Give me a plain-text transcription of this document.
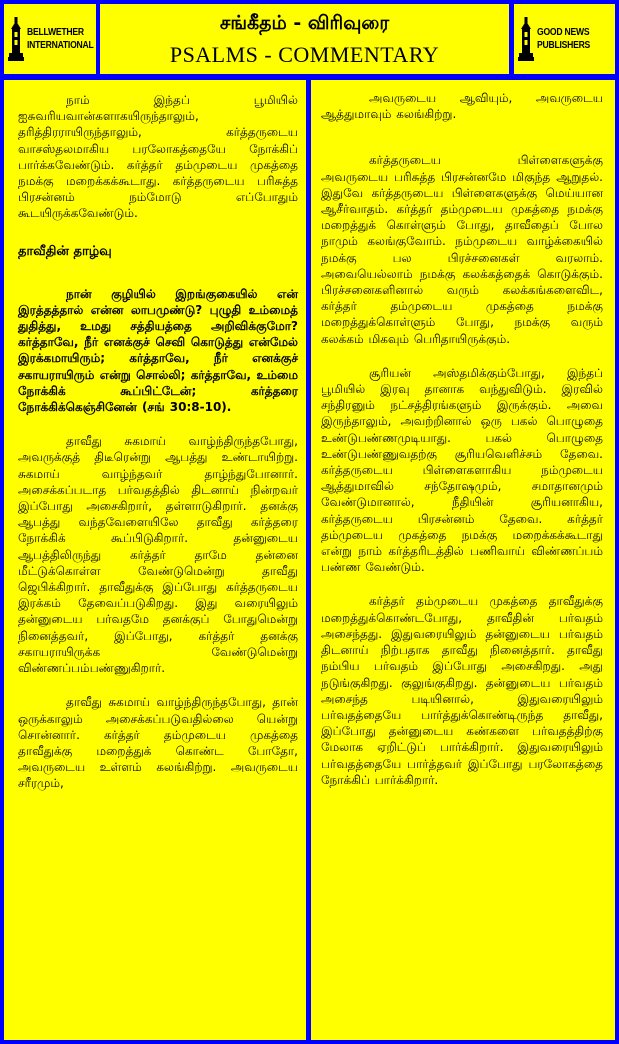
BELLWETHER
INTERNATIONAL
சங்கீதம் - விரிவுரை
PSALMS - COMMENTARY
GOOD NEWS
PUBLISHERS

நாம் இந்தப் பூமியில் ஐசுவரியவான்களாகயிருந்தாலும், தரித்திரராயிருந்தாலும், கர்த்தருடைய வாசஸ்தலமாகிய பரலோகத்தையே நோக்கிப் பார்க்கவேண்டும். கர்த்தர் தம்முடைய முகத்தை நமக்கு மறைக்கக்கூடாது. கர்த்தருடைய பரிசுத்த பிரசன்னம் நம்மோடு எப்போதும் கூடயிருக்கவேண்டும்.

தாவீதின் தாழ்வு

நான் குழியில் இறங்குகையில் என் இரத்தத்தால் என்ன லாபமுண்டு? புழுதி உம்மைத் துதித்து, உமது சத்தியத்தை அறிவிக்குமோ? கர்த்தாவே, நீர் எனக்குச் செவி கொடுத்து என்மேல் இரக்கமாயிரும்; கர்த்தாவே, நீர் எனக்குச் சகாயராயிரும் என்று சொல்லி; கர்த்தாவே, உம்மை நோக்கிக் கூப்பிட்டேன்; கர்த்தரை நோக்கிக்கெஞ்சினேன் (சங் 30:8-10).

தாவீது சுகமாய் வாழ்ந்திருந்தபோது, அவருக்குத் திடீரென்று ஆபத்து உண்டாயிற்று. சுகமாய் வாழ்ந்தவர் தாழ்ந்துபோனார். அசைக்கப்படாத பர்வதத்தில் திடனாய் நின்றவர் இப்போது அசைகிறார், தள்ளாடுகிறார். தனக்கு ஆபத்து வந்தவேளையிலே தாவீது கர்த்தரை நோக்கிக் கூப்பிடுகிறார். தன்னுடைய ஆபத்திலிருந்து கர்த்தர் தாமே தன்னை மீட்டுக்கொள்ள வேண்டுமென்று தாவீது ஜெபிக்கிறார். தாவீதுக்கு இப்போது கர்த்தருடைய இரக்கம் தேவைப்படுகிறது. இது வரையிலும் தன்னுடைய பர்வதமே தனக்குப் போதுமென்று நினைத்தவர், இப்போது, கர்த்தர் தனக்கு சகாயராயிருக்க வேண்டுமென்று விண்ணப்பம்பண்ணுகிறார்.

தாவீது சுகமாய் வாழ்ந்திருந்தபோது, தான் ஒருக்காலும் அசைக்கப்படுவதில்லை யென்று சொன்னார். கர்த்தர் தம்முடைய முகத்தை தாவீதுக்கு மறைத்துக் கொண்ட போதோ, அவருடைய உள்ளம் கலங்கிற்று. அவருடைய சரீரமும்,

அவருடைய ஆவியும், அவருடைய ஆத்துமாவும் கலங்கிற்று.

கர்த்தருடைய பிள்ளைகளுக்கு அவருடைய பரிசுத்த பிரசன்னமே மிகுந்த ஆறுதல். இதுவே கர்த்தருடைய பிள்ளைகளுக்கு மெய்யான ஆசீர்வாதம். கர்த்தர் தம்முடைய முகத்தை நமக்கு மறைத்துக் கொள்ளும் போது, தாவீதைப் போல நாமும் கலங்குவோம். நம்முடைய வாழ்க்கையில் நமக்கு பல பிரச்சனைகள் வரலாம். அவையெல்லாம் நமக்கு கலக்கத்தைக் கொடுக்கும். பிரச்சனைகளினால் வரும் கலக்கங்களைவிட, கர்த்தர் தம்முடைய முகத்தை நமக்கு மறைத்துக்கொள்ளும் போது, நமக்கு வரும் கலக்கம் மிகவும் பெரிதாயிருக்கும்.

சூரியன் அஸ்தமிக்கும்போது, இந்தப் பூமியில் இரவு தானாக வந்துவிடும். இரவில் சந்திரனும் நட்சத்திரங்களும் இருக்கும். அவை இருந்தாலும், அவற்றினால் ஒரு பகல் பொழுதை உண்டுபண்ணமுடியாது. பகல் பொழுதை உண்டுபண்ணுவதற்கு சூரியவெளிச்சம் தேவை. கர்த்தருடைய பிள்ளைகளாகிய நம்முடைய ஆத்துமாவில் சந்தோஷமும், சமாதானமும் வேண்டுமானால், நீதியின் சூரியனாகிய, கர்த்தருடைய பிரசன்னம் தேவை. கர்த்தர் தம்முடைய முகத்தை நமக்கு மறைக்கக்கூடாது என்று நாம் கர்த்தரிடத்தில் பணிவாய் விண்ணப்பம் பண்ண வேண்டும்.

கர்த்தர் தம்முடைய முகத்தை தாவீதுக்கு மறைத்துக்கொண்டபோது, தாவீதின் பர்வதம் அசைந்தது. இதுவரையிலும் தன்னுடைய பர்வதம் திடனாய் நிற்பதாக தாவீது நினைத்தார். தாவீது நம்பிய பர்வதம் இப்போது அசைகிறது. அது நடுங்குகிறது. குலுங்குகிறது. தன்னுடைய பர்வதம் அசைந்த படியினால், இதுவரையிலும் பர்வதத்தையே பார்த்துக்கொண்டிருந்த தாவீது, இப்போது தன்னுடைய கண்களை பர்வதத்திற்கு மேலாக ஏறிட்டுப் பார்க்கிறார். இதுவரையிலும் பர்வதத்தையே பார்த்தவர் இப்போது பரலோகத்தை நோக்கிப் பார்க்கிறார்.
